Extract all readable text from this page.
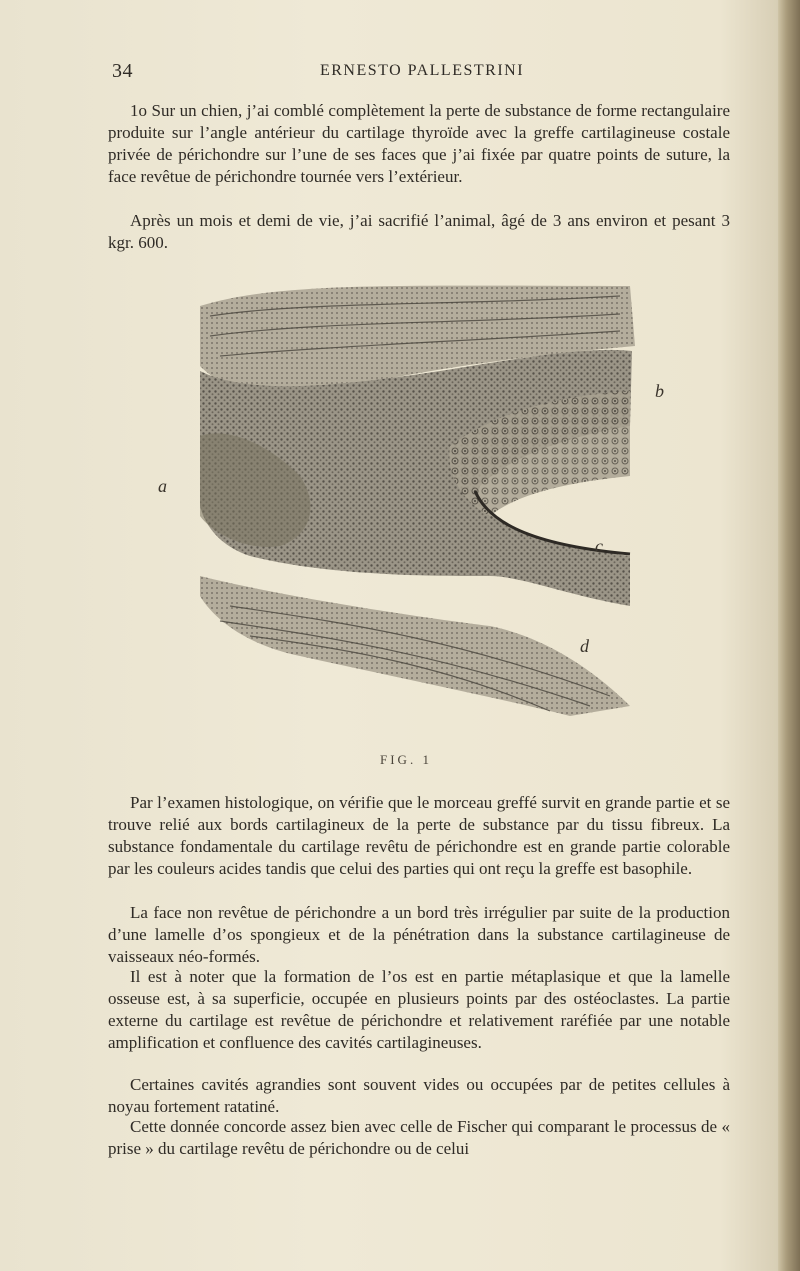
34	ERNESTO PALLESTRINI

1o Sur un chien, j’ai comblé complètement la perte de substance de forme rectangulaire produite sur l’angle antérieur du cartilage thyroïde avec la greffe cartilagineuse costale privée de périchondre sur l’une de ses faces que j’ai fixée par quatre points de suture, la face revêtue de périchondre tournée vers l’extérieur.

Après un mois et demi de vie, j’ai sacrifié l’animal, âgé de 3 ans environ et pesant 3 kgr. 600.

a
b
c
d
FIG. 1

Par l’examen histologique, on vérifie que le morceau greffé survit en grande partie et se trouve relié aux bords cartilagineux de la perte de substance par du tissu fibreux. La substance fondamentale du cartilage revêtu de périchondre est en grande partie colorable par les couleurs acides tandis que celui des parties qui ont reçu la greffe est basophile.

La face non revêtue de périchondre a un bord très irrégulier par suite de la production d’une lamelle d’os spongieux et de la pénétration dans la substance cartilagineuse de vaisseaux néo-formés.

Il est à noter que la formation de l’os est en partie métaplasique et que la lamelle osseuse est, à sa superficie, occupée en plusieurs points par des ostéoclastes. La partie externe du cartilage est revêtue de périchondre et relativement raréfiée par une notable amplification et confluence des cavités cartilagineuses.

Certaines cavités agrandies sont souvent vides ou occupées par de petites cellules à noyau fortement ratatiné.

Cette donnée concorde assez bien avec celle de Fischer qui comparant le processus de « prise » du cartilage revêtu de périchondre ou de celui
